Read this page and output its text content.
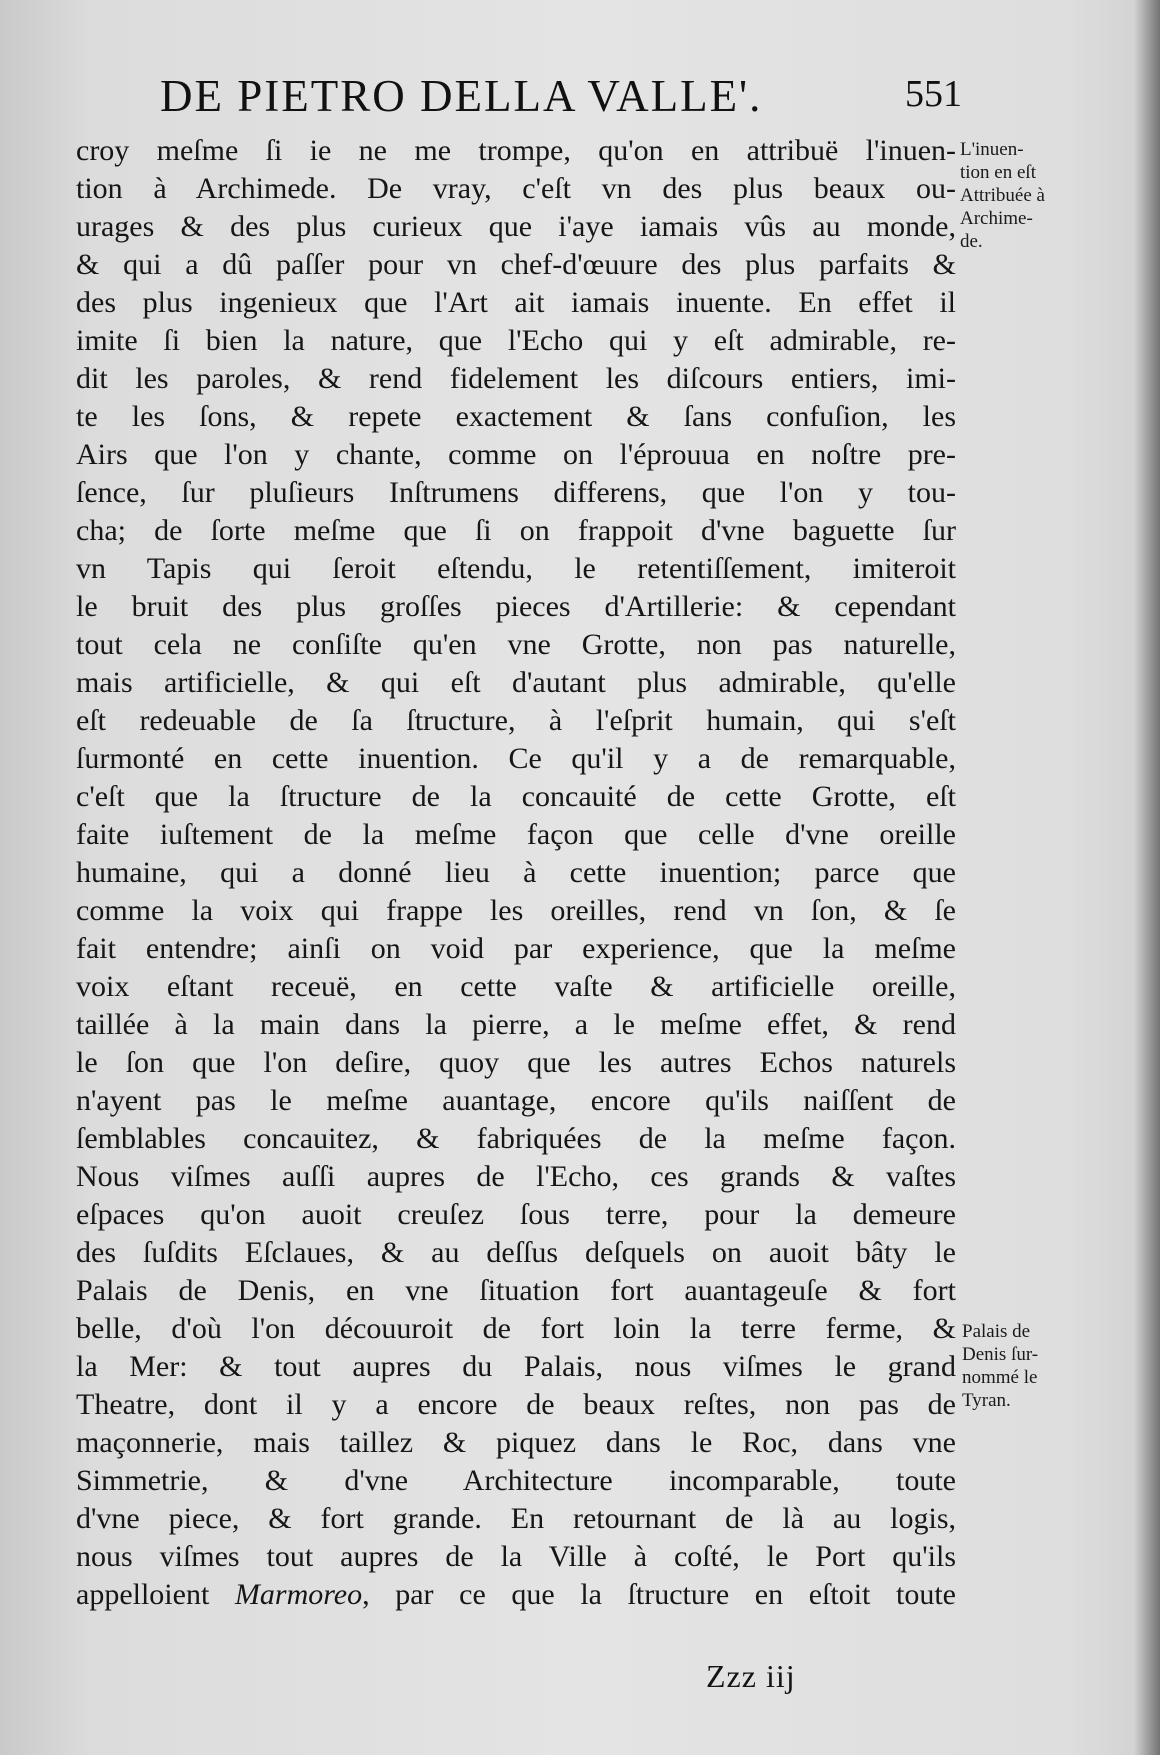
DE PIETRO DELLA VALLE'.	551
croy meſme ſi ie ne me trompe, qu'on en attribuë l'inuen-
tion à Archimede. De vray, c'eſt vn des plus beaux ou-
urages & des plus curieux que i'aye iamais vûs au monde,
& qui a dû paſſer pour vn chef-d'œuure des plus parfaits &
des plus ingenieux que l'Art ait iamais inuente. En effet il
imite ſi bien la nature, que l'Echo qui y eſt admirable, re-
dit les paroles, & rend fidelement les diſcours entiers, imi-
te les ſons, & repete exactement & ſans confuſion, les
Airs que l'on y chante, comme on l'éprouua en noſtre pre-
ſence, ſur pluſieurs Inſtrumens differens, que l'on y tou-
cha; de ſorte meſme que ſi on frappoit d'vne baguette ſur
vn Tapis qui ſeroit eſtendu, le retentiſſement, imiteroit
le bruit des plus groſſes pieces d'Artillerie: & cependant
tout cela ne conſiſte qu'en vne Grotte, non pas naturelle,
mais artificielle, & qui eſt d'autant plus admirable, qu'elle
eſt redeuable de ſa ſtructure, à l'eſprit humain, qui s'eſt
ſurmonté en cette inuention. Ce qu'il y a de remarquable,
c'eſt que la ſtructure de la concauité de cette Grotte, eſt
faite iuſtement de la meſme façon que celle d'vne oreille
humaine, qui a donné lieu à cette inuention; parce que
comme la voix qui frappe les oreilles, rend vn ſon, & ſe
fait entendre; ainſi on void par experience, que la meſme
voix eſtant receuë, en cette vaſte & artificielle oreille,
taillée à la main dans la pierre, a le meſme effet, & rend
le ſon que l'on deſire, quoy que les autres Echos naturels
n'ayent pas le meſme auantage, encore qu'ils naiſſent de
ſemblables concauitez, & fabriquées de la meſme façon.
Nous viſmes auſſi aupres de l'Echo, ces grands & vaſtes
eſpaces qu'on auoit creuſez ſous terre, pour la demeure
des ſuſdits Eſclaues, & au deſſus deſquels on auoit bâty le
Palais de Denis, en vne ſituation fort auantageuſe & fort
belle, d'où l'on découuroit de fort loin la terre ferme, &
la Mer: & tout aupres du Palais, nous viſmes le grand
Theatre, dont il y a encore de beaux reſtes, non pas de
maçonnerie, mais taillez & piquez dans le Roc, dans vne
Simmetrie, & d'vne Architecture incomparable, toute
d'vne piece, & fort grande. En retournant de là au logis,
nous viſmes tout aupres de la Ville à coſté, le Port qu'ils
appelloient Marmoreo, par ce que la ſtructure en eſtoit toute
L'inuen-
tion en eſt
Attribuée à
Archime-
de.
Palais de
Denis ſur-
nommé le
Tyran.
Zzz iij
